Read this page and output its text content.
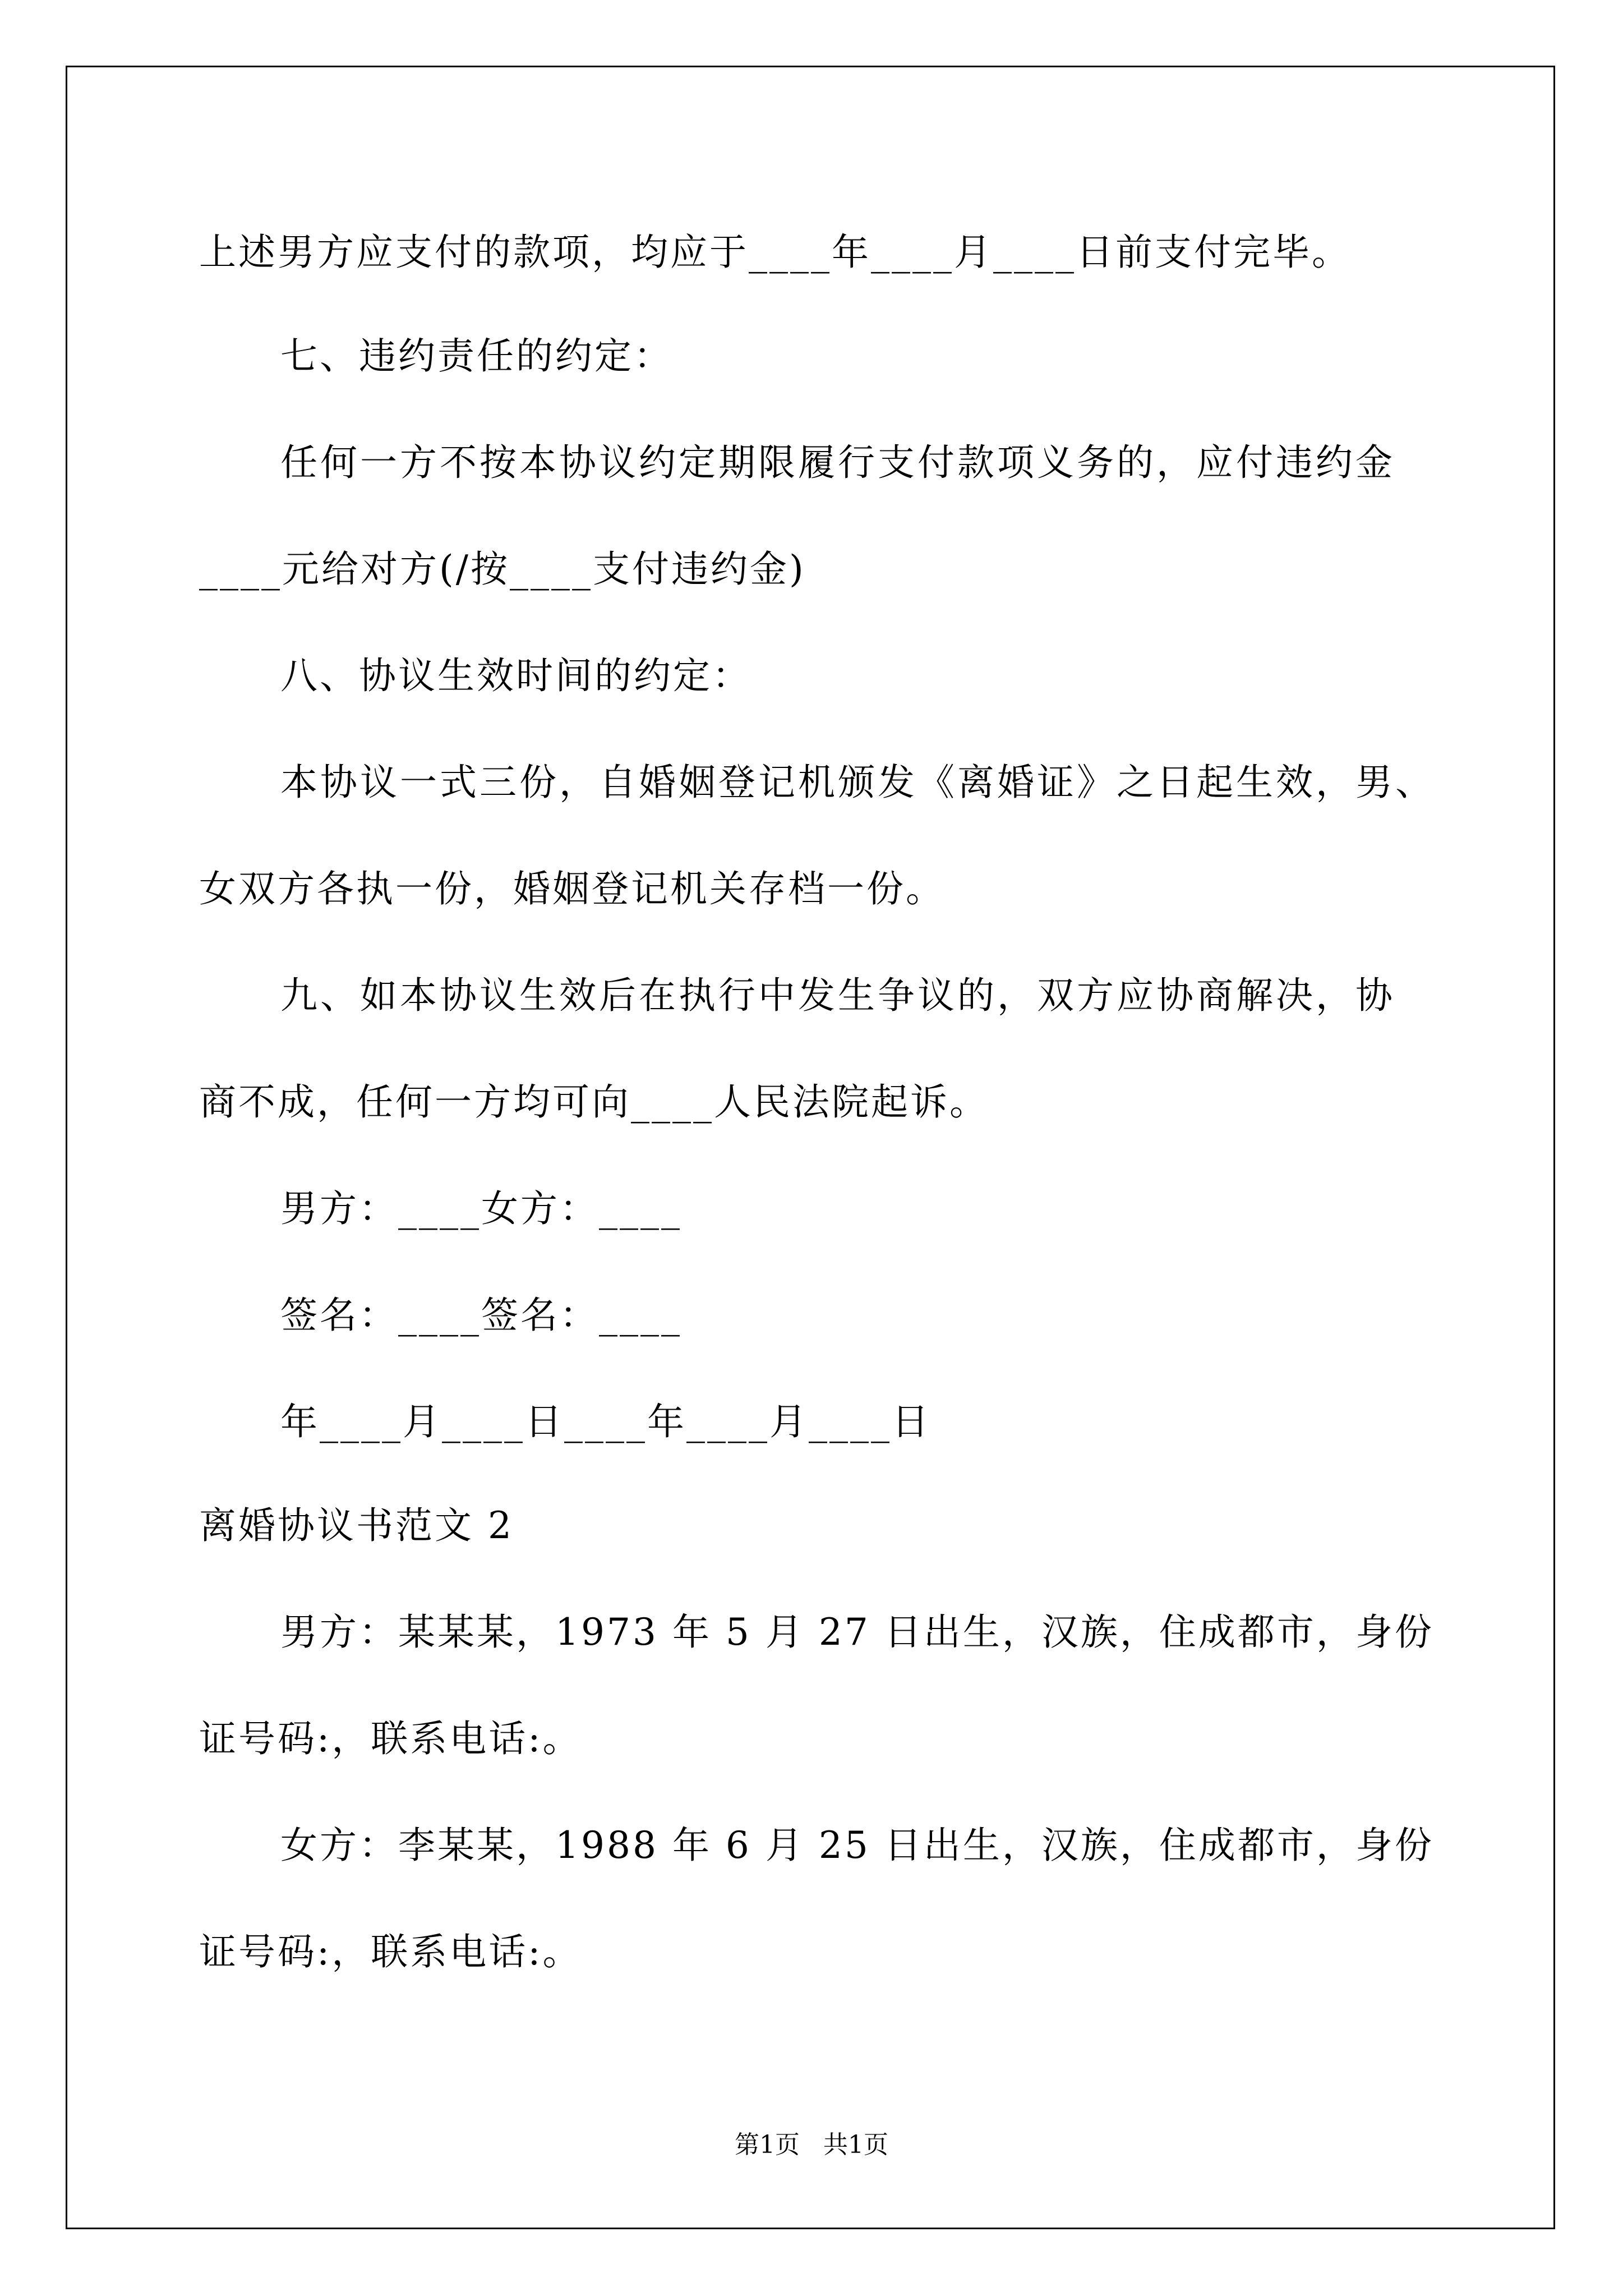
上述男方应支付的款项，均应于____年____月____日前支付完毕。
七、违约责任的约定：
任何一方不按本协议约定期限履行支付款项义务的，应付违约金
____元给对方(/按____支付违约金)
八、协议生效时间的约定：
本协议一式三份，自婚姻登记机颁发《离婚证》之日起生效，男、
女双方各执一份，婚姻登记机关存档一份。
九、如本协议生效后在执行中发生争议的，双方应协商解决，协
商不成，任何一方均可向____人民法院起诉。
男方：____女方：____
签名：____签名：____
年____月____日____年____月____日
离婚协议书范文 2
男方：某某某，1973 年 5 月 27 日出生，汉族，住成都市，身份
证号码:，联系电话:。
女方：李某某，1988 年 6 月 25 日出生，汉族，住成都市，身份
证号码:，联系电话:。
第1页   共1页
